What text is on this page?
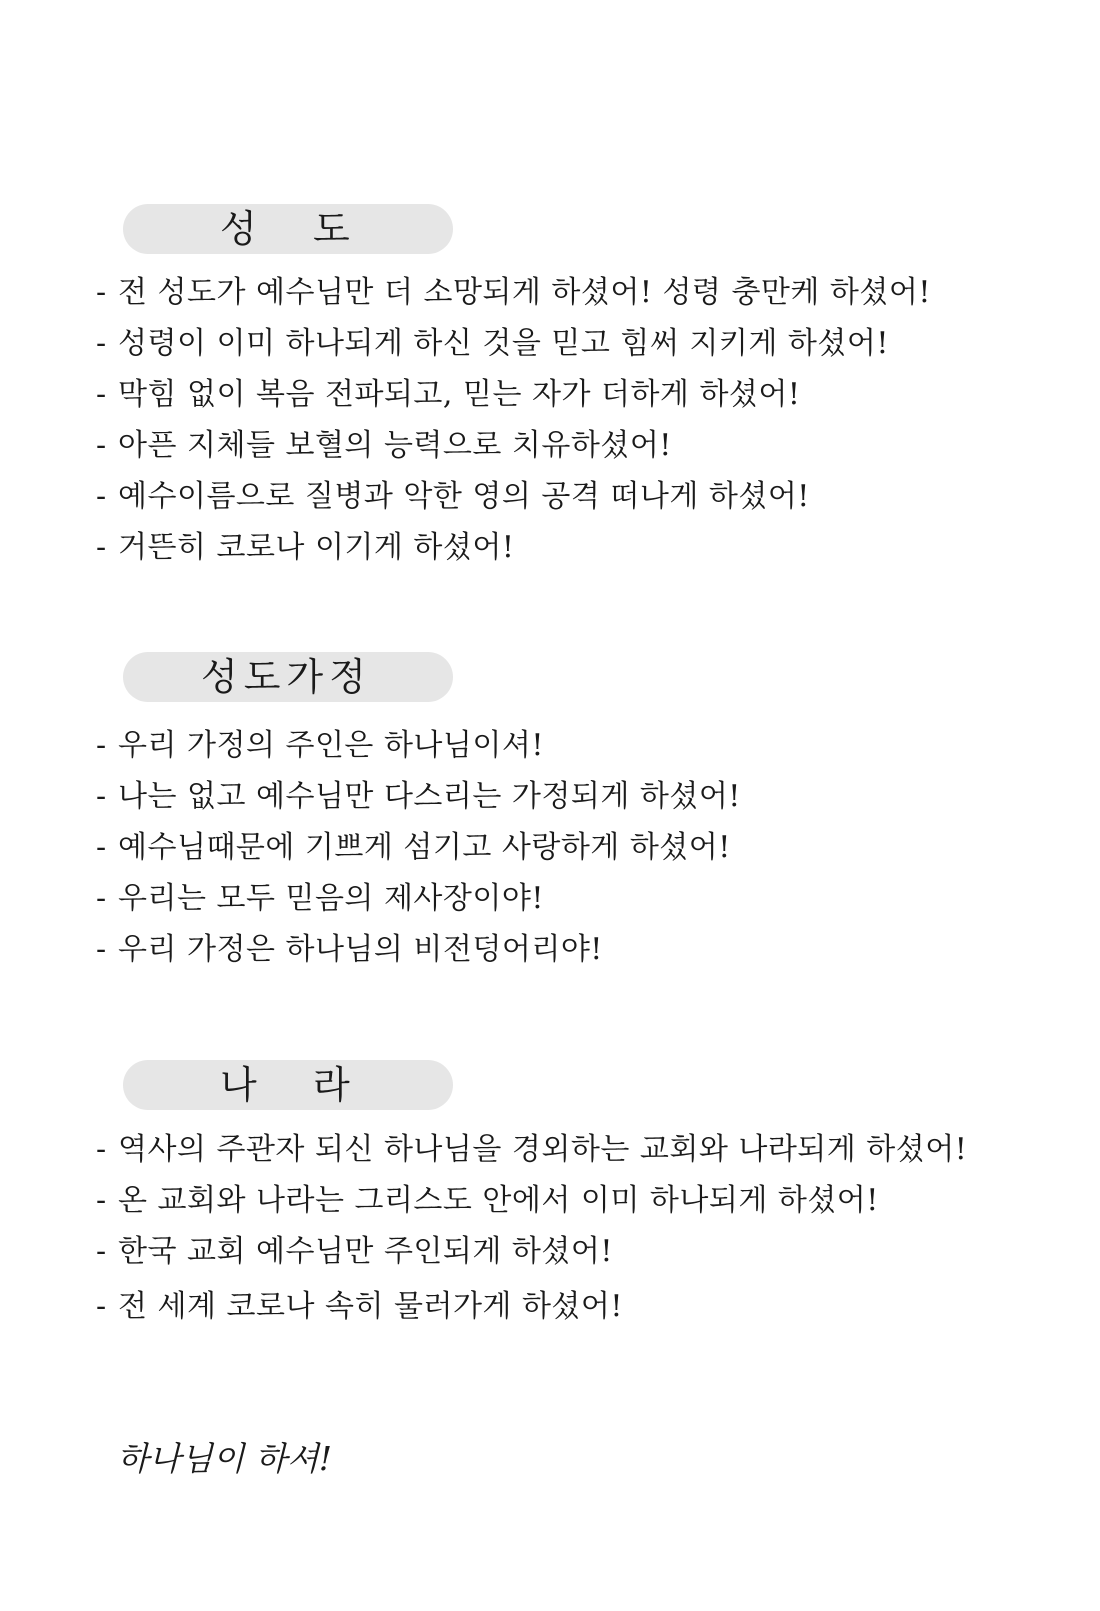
성 도
- 전 성도가 예수님만 더 소망되게 하셨어! 성령 충만케 하셨어!
- 성령이 이미 하나되게 하신 것을 믿고 힘써 지키게 하셨어!
- 막힘 없이 복음 전파되고, 믿는 자가 더하게 하셨어!
- 아픈 지체들 보혈의 능력으로 치유하셨어!
- 예수이름으로 질병과 악한 영의 공격 떠나게 하셨어!
- 거뜬히 코로나 이기게 하셨어!
성도가정
- 우리 가정의 주인은 하나님이셔!
- 나는 없고 예수님만 다스리는 가정되게 하셨어!
- 예수님때문에 기쁘게 섬기고 사랑하게 하셨어!
- 우리는 모두 믿음의 제사장이야!
- 우리 가정은 하나님의 비전덩어리야!
나 라
- 역사의 주관자 되신 하나님을 경외하는 교회와 나라되게 하셨어!
- 온 교회와 나라는 그리스도 안에서 이미 하나되게 하셨어!
- 한국 교회 예수님만 주인되게 하셨어!
- 전 세계 코로나 속히 물러가게 하셨어!
하나님이 하셔!
